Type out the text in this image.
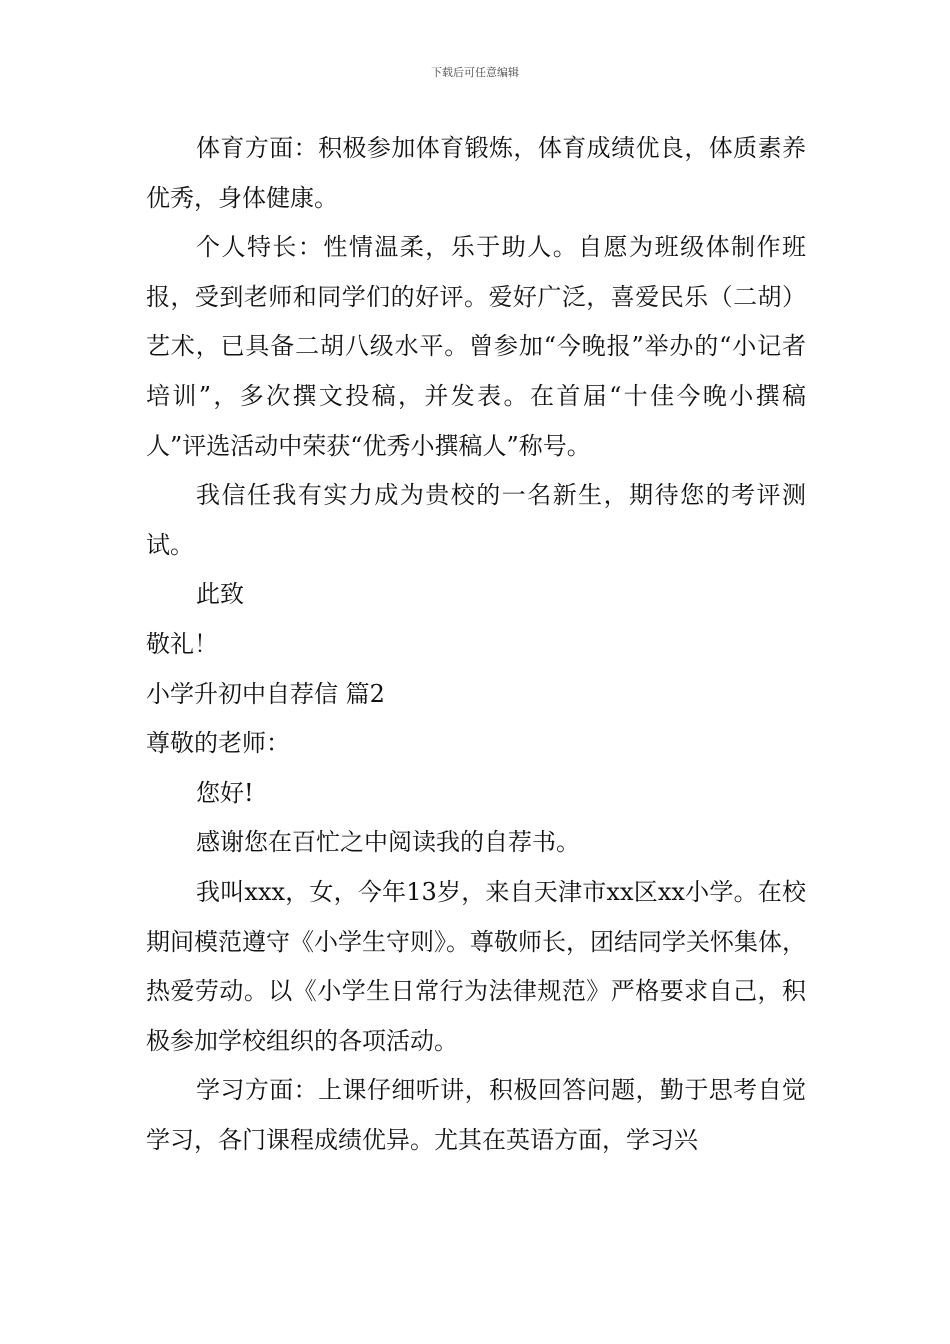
下载后可任意编辑

体育方面：积极参加体育锻炼，体育成绩优良，体质素养优秀，身体健康。

个人特长：性情温柔，乐于助人。自愿为班级体制作班报，受到老师和同学们的好评。爱好广泛，喜爱民乐（二胡）艺术，已具备二胡八级水平。曾参加“今晚报”举办的“小记者培训”，多次撰文投稿，并发表。在首届“十佳今晚小撰稿人”评选活动中荣获“优秀小撰稿人”称号。

我信任我有实力成为贵校的一名新生，期待您的考评测试。

此致

敬礼！

小学升初中自荐信 篇2

尊敬的老师：

您好!

感谢您在百忙之中阅读我的自荐书。

我叫xxx，女，今年13岁，来自天津市xx区xx小学。在校期间模范遵守《小学生守则》。尊敬师长，团结同学关怀集体，热爱劳动。以《小学生日常行为法律规范》严格要求自己，积极参加学校组织的各项活动。

学习方面：上课仔细听讲，积极回答问题，勤于思考自觉学习，各门课程成绩优异。尤其在英语方面，学习兴
